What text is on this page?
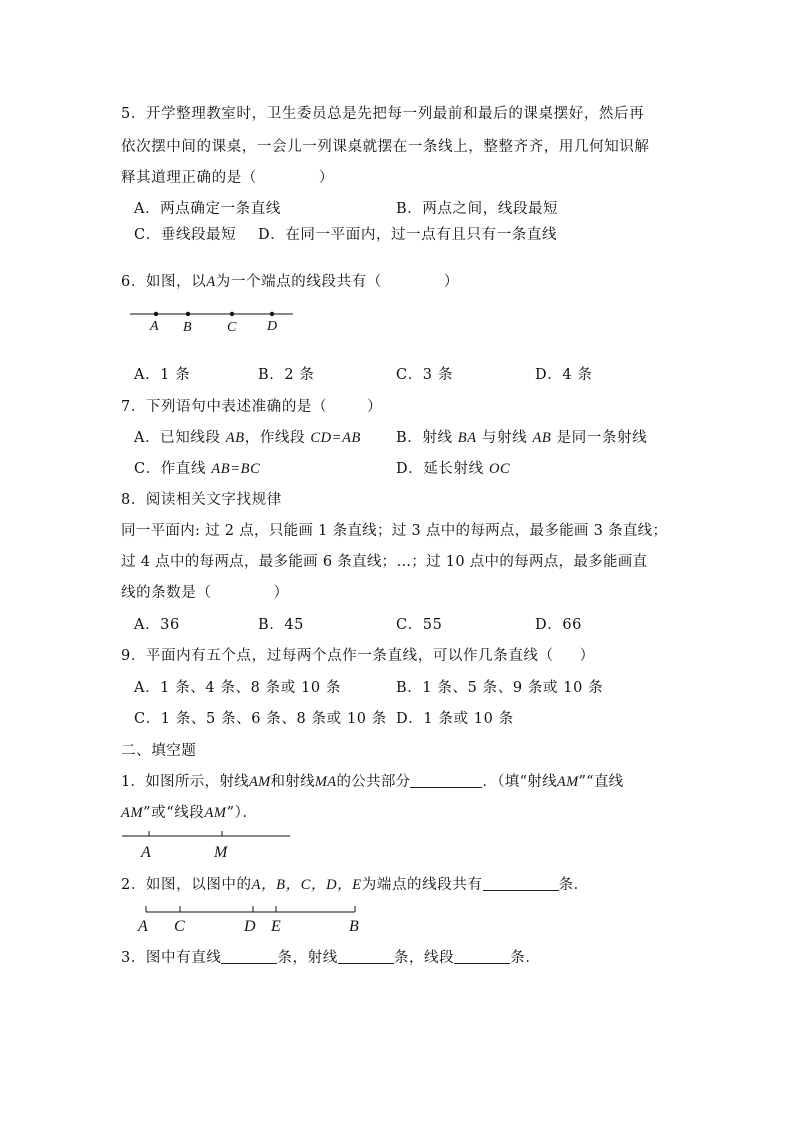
5．开学整理教室时，卫生委员总是先把每一列最前和最后的课桌摆好，然后再
依次摆中间的课桌，一会儿一列课桌就摆在一条线上，整整齐齐，用几何知识解
释其道理正确的是（	）
A．两点确定一条直线	B．两点之间，线段最短
C．垂线段最短 D．在同一平面内，过一点有且只有一条直线
6．如图，以A为一个端点的线段共有（	）
A B	C D
A．1 条	B．2 条	C．3 条	D．4 条
7．下列语句中表述准确的是（	）
A．已知线段 AB，作线段 CD=AB B．射线 BA 与射线 AB 是同一条射线
C．作直线 AB=BC	D．延长射线 OC
8．阅读相关文字找规律
同一平面内: 过 2 点，只能画 1 条直线；过 3 点中的每两点，最多能画 3 条直线；
过 4 点中的每两点，最多能画 6 条直线；…；过 10 点中的每两点，最多能画直
线的条数是（	）
A．36	B．45	C．55	D．66
9．平面内有五个点，过每两个点作一条直线，可以作几条直线（ ）
A．1 条、4 条、8 条或 10 条	B．1 条、5 条、9 条或 10 条
C．1 条、5 条、6 条、8 条或 10 条 D．1 条或 10 条
二、填空题
1．如图所示，射线AM和射线MA的公共部分	．（填“射线AM”“直线
AM”或“线段AM”）．
A	M
2．如图，以图中的A，B，C，D，E为端点的线段共有	条．
A C	D E	B
3．图中有直线	条，射线	条，线段	条．
